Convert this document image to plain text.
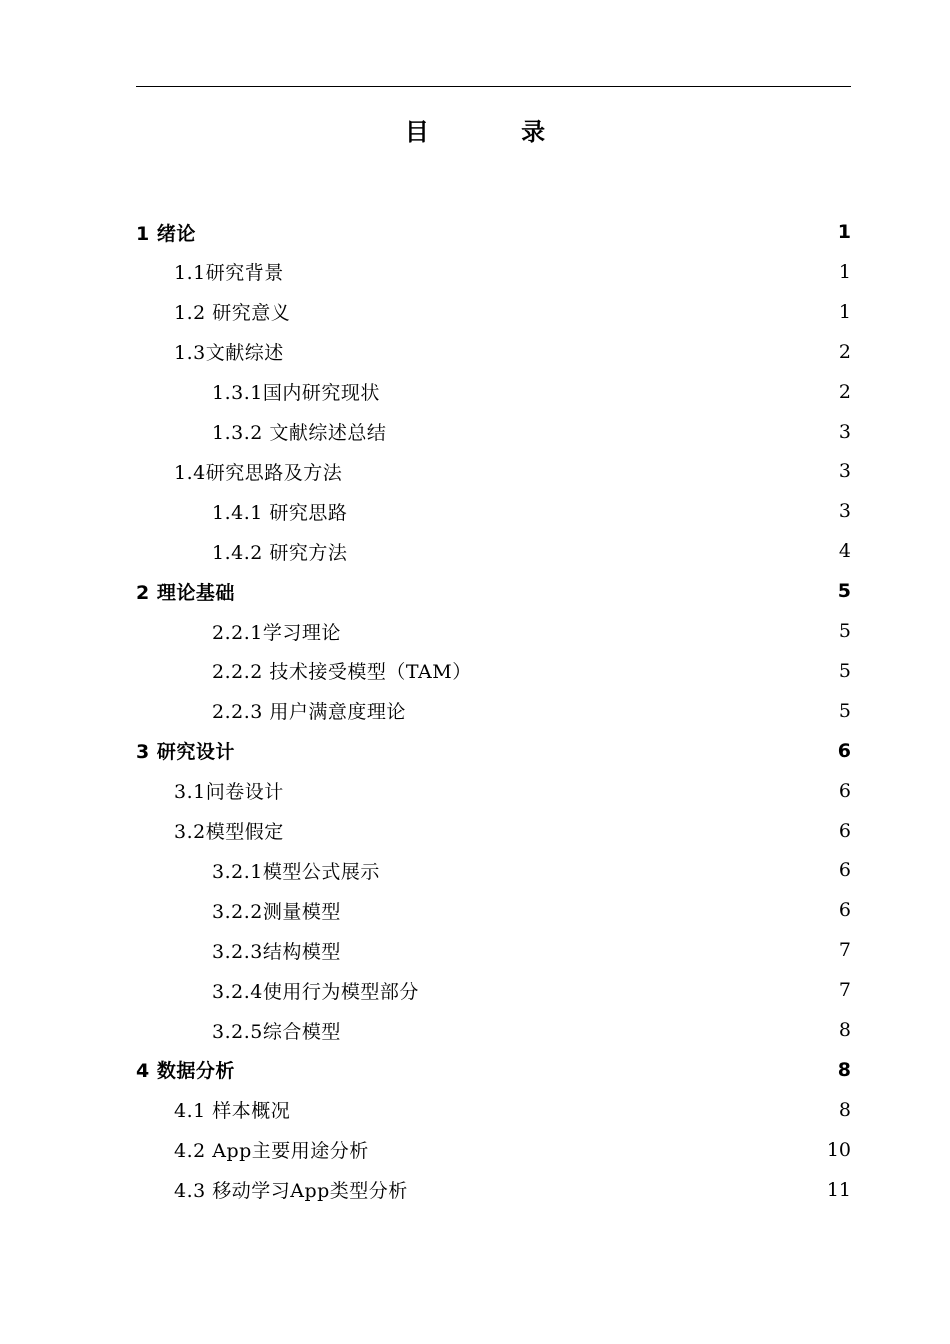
目 录
1 绪论	1
1.1研究背景	1
1.2 研究意义	1
1.3文献综述	2
1.3.1国内研究现状	2
1.3.2 文献综述总结	3
1.4研究思路及方法	3
1.4.1 研究思路	3
1.4.2 研究方法	4
2 理论基础	5
2.2.1学习理论	5
2.2.2 技术接受模型（TAM）	5
2.2.3 用户满意度理论	5
3 研究设计	6
3.1问卷设计	6
3.2模型假定	6
3.2.1模型公式展示	6
3.2.2测量模型	6
3.2.3结构模型	7
3.2.4使用行为模型部分	7
3.2.5综合模型	8
4 数据分析	8
4.1 样本概况	8
4.2 App主要用途分析	10
4.3 移动学习App类型分析	11
